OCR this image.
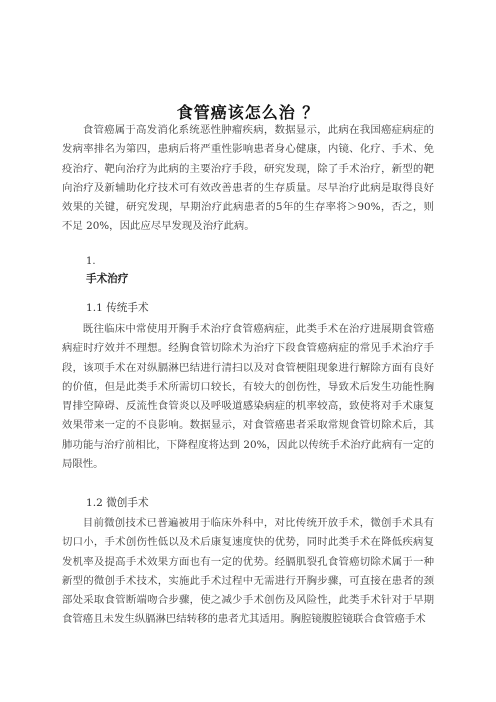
食管癌该怎么治 ？

食管癌属于高发消化系统恶性肿瘤疾病，数据显示，此病在我国癌症病症的发病率排名为第四，患病后将严重性影响患者身心健康，内镜、化疗、手术、免疫治疗、靶向治疗为此病的主要治疗手段，研究发现，除了手术治疗，新型的靶向治疗及新辅助化疗技术可有效改善患者的生存质量。尽早治疗此病是取得良好效果的关键，研究发现，早期治疗此病患者的5年的生存率将＞90%，否之，则不足 20%，因此应尽早发现及治疗此病。

1.
手术治疗
1.1 传统手术

既往临床中常使用开胸手术治疗食管癌病症，此类手术在治疗进展期食管癌病症时疗效并不理想。经胸食管切除术为治疗下段食管癌病症的常见手术治疗手段，该项手术在对纵膈淋巴结进行清扫以及对食管梗阻现象进行解除方面有良好的价值，但是此类手术所需切口较长，有较大的创伤性，导致术后发生功能性胸胃排空障碍、反流性食管炎以及呼吸道感染病症的机率较高，致使将对手术康复效果带来一定的不良影响。数据显示，对食管癌患者采取常规食管切除术后，其肺功能与治疗前相比，下降程度将达到 20%，因此以传统手术治疗此病有一定的局限性。

1.2 微创手术

目前微创技术已普遍被用于临床外科中，对比传统开放手术，微创手术具有切口小，手术创伤性低以及术后康复速度快的优势，同时此类手术在降低疾病复发机率及提高手术效果方面也有一定的优势。经膈肌裂孔食管癌切除术属于一种新型的微创手术技术，实施此手术过程中无需进行开胸步骤，可直接在患者的颈部处采取食管断端吻合步骤，使之减少手术创伤及风险性，此类手术针对于早期食管癌且未发生纵膈淋巴结转移的患者尤其适用。胸腔镜腹腔镜联合食管癌手术
